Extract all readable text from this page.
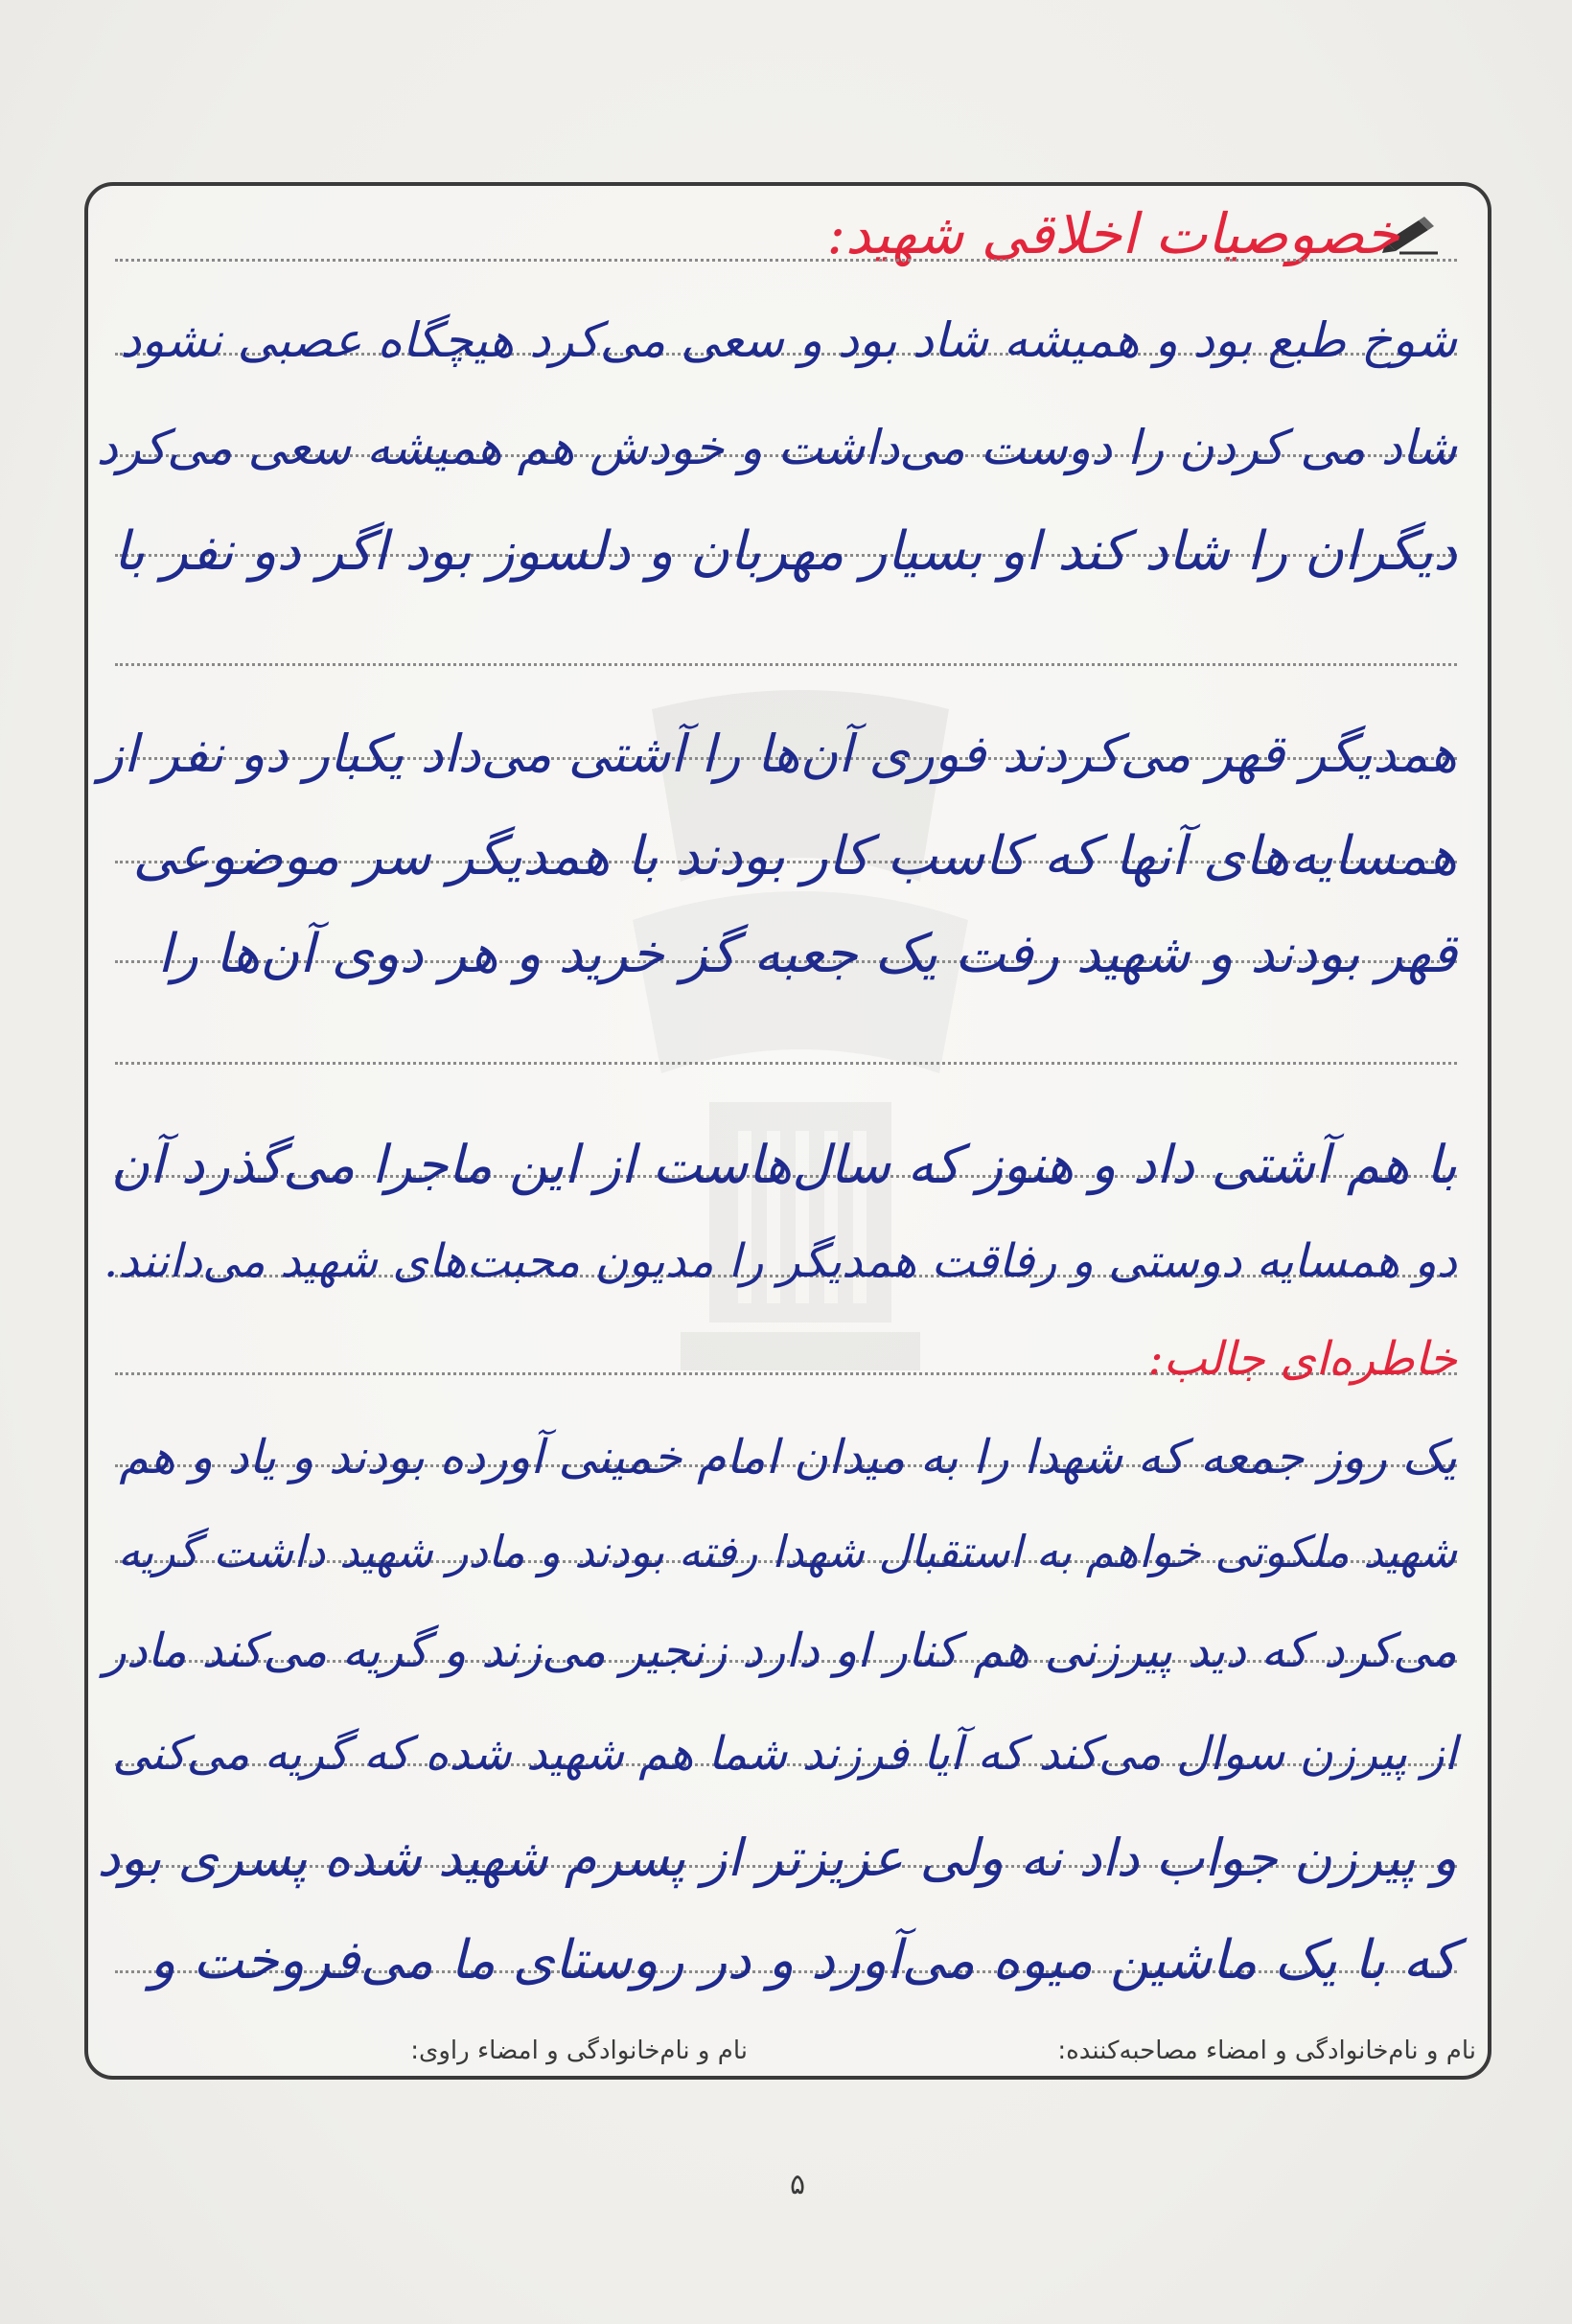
خصوصیات اخلاقی شهید:
شوخ طبع بود و همیشه شاد بود و سعی می‌کرد هیچگاه عصبی نشود
شاد می کردن را دوست می‌داشت و خودش هم همیشه سعی می‌کرد
دیگران را شاد کند او بسیار مهربان و دلسوز بود اگر دو نفر با
همدیگر قهر می‌کردند فوری آن‌ها را آشتی می‌داد یکبار دو نفر از
همسایه‌های آنها که کاسب کار بودند با همدیگر سر موضوعی
قهر بودند و شهید رفت یک جعبه گز خرید و هر دوی آن‌ها را
با هم آشتی داد و هنوز که سال‌هاست از این ماجرا می‌گذرد آن
دو همسایه دوستی و رفاقت همدیگر را مدیون محبت‌های شهید می‌دانند.
خاطره‌ای جالب:
یک روز جمعه که شهدا را به میدان امام خمینی آورده بودند و یاد و هم
شهید ملکوتی خواهم به استقبال شهدا رفته بودند و مادر شهید داشت گریه
می‌کرد که دید پیرزنی هم کنار او دارد زنجیر می‌زند و گریه می‌کند مادر
از پیرزن سوال می‌کند که آیا فرزند شما هم شهید شده که گریه می‌کنی
و پیرزن جواب داد نه ولی عزیزتر از پسرم شهید شده پسری بود
که با یک ماشین میوه می‌آورد و در روستای ما می‌فروخت و
نام و نام‌خانوادگی و امضاء مصاحبه‌کننده:
نام و نام‌خانوادگی و امضاء راوی:
۵
